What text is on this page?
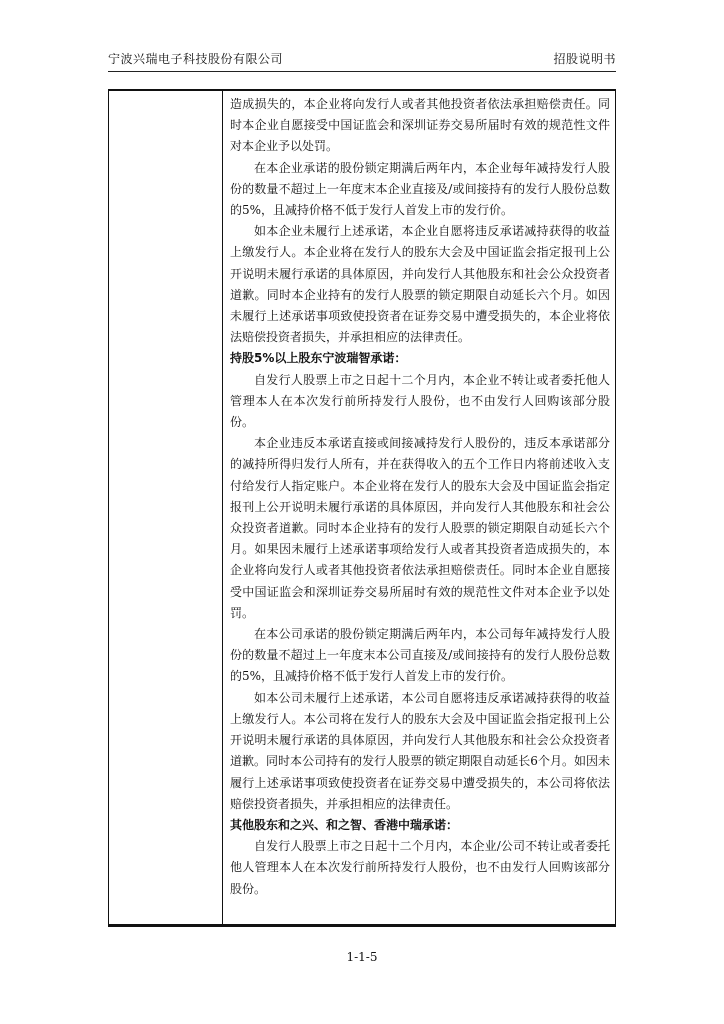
宁波兴瑞电子科技股份有限公司	招股说明书

造成损失的，本企业将向发行人或者其他投资者依法承担赔偿责任。同时本企业自愿接受中国证监会和深圳证券交易所届时有效的规范性文件对本企业予以处罚。

在本企业承诺的股份锁定期满后两年内，本企业每年减持发行人股份的数量不超过上一年度末本企业直接及/或间接持有的发行人股份总数的5%，且减持价格不低于发行人首发上市的发行价。

如本企业未履行上述承诺，本企业自愿将违反承诺减持获得的收益上缴发行人。本企业将在发行人的股东大会及中国证监会指定报刊上公开说明未履行承诺的具体原因，并向发行人其他股东和社会公众投资者道歉。同时本企业持有的发行人股票的锁定期限自动延长六个月。如因未履行上述承诺事项致使投资者在证券交易中遭受损失的，本企业将依法赔偿投资者损失，并承担相应的法律责任。

持股5%以上股东宁波瑞智承诺：

自发行人股票上市之日起十二个月内，本企业不转让或者委托他人管理本人在本次发行前所持发行人股份，也不由发行人回购该部分股份。

本企业违反本承诺直接或间接减持发行人股份的，违反本承诺部分的减持所得归发行人所有，并在获得收入的五个工作日内将前述收入支付给发行人指定账户。本企业将在发行人的股东大会及中国证监会指定报刊上公开说明未履行承诺的具体原因，并向发行人其他股东和社会公众投资者道歉。同时本企业持有的发行人股票的锁定期限自动延长六个月。如果因未履行上述承诺事项给发行人或者其投资者造成损失的，本企业将向发行人或者其他投资者依法承担赔偿责任。同时本企业自愿接受中国证监会和深圳证券交易所届时有效的规范性文件对本企业予以处罚。

在本公司承诺的股份锁定期满后两年内，本公司每年减持发行人股份的数量不超过上一年度末本公司直接及/或间接持有的发行人股份总数的5%，且减持价格不低于发行人首发上市的发行价。

如本公司未履行上述承诺，本公司自愿将违反承诺减持获得的收益上缴发行人。本公司将在发行人的股东大会及中国证监会指定报刊上公开说明未履行承诺的具体原因，并向发行人其他股东和社会公众投资者道歉。同时本公司持有的发行人股票的锁定期限自动延长6个月。如因未履行上述承诺事项致使投资者在证券交易中遭受损失的，本公司将依法赔偿投资者损失，并承担相应的法律责任。

其他股东和之兴、和之智、香港中瑞承诺：

自发行人股票上市之日起十二个月内，本企业/公司不转让或者委托他人管理本人在本次发行前所持发行人股份，也不由发行人回购该部分股份。

1-1-5
